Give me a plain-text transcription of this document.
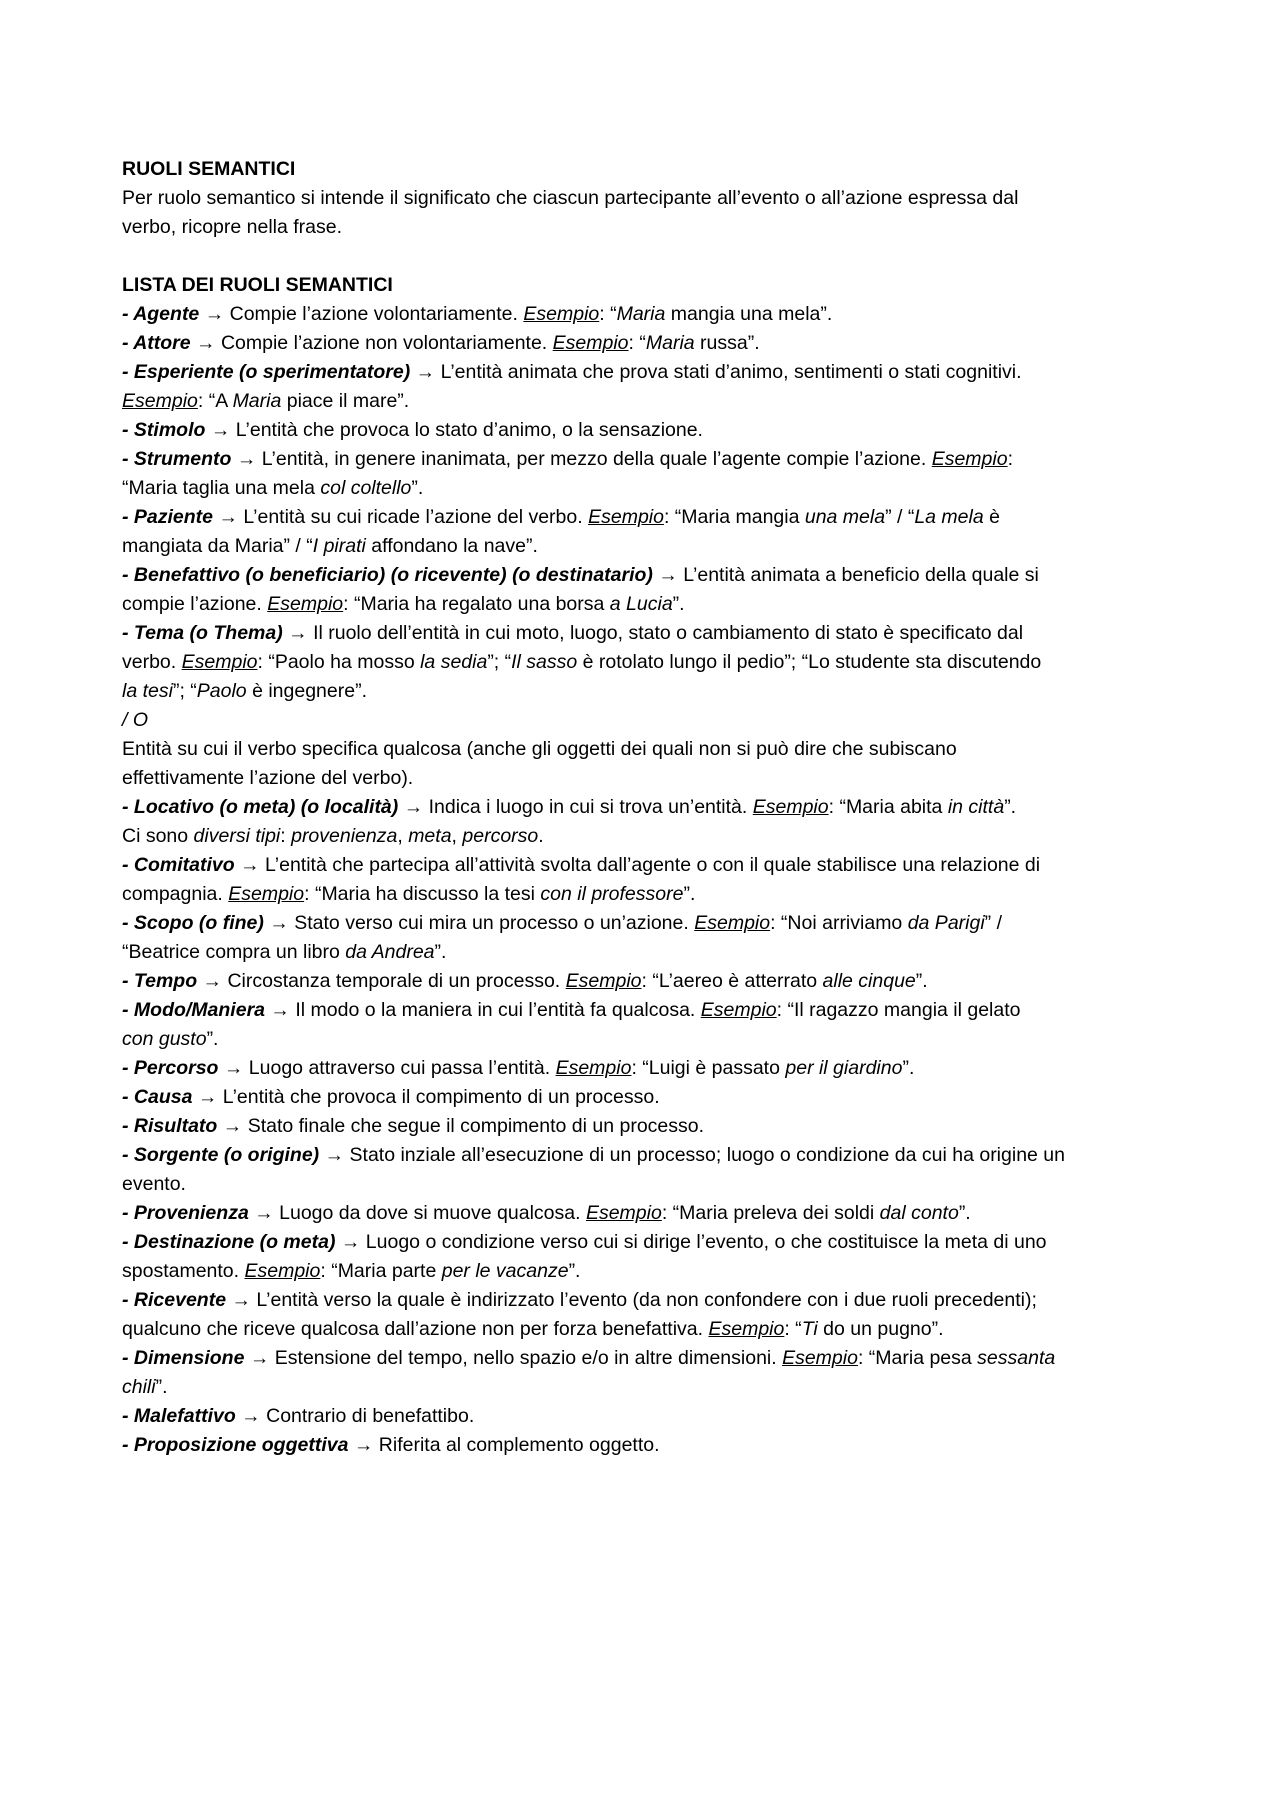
RUOLI SEMANTICI
Per ruolo semantico si intende il significato che ciascun partecipante all’evento o all’azione espressa dal
verbo, ricopre nella frase.
LISTA DEI RUOLI SEMANTICI
- Agente → Compie l’azione volontariamente. Esempio: “Maria mangia una mela”.
- Attore → Compie l’azione non volontariamente. Esempio: “Maria russa”.
- Esperiente (o sperimentatore) → L’entità animata che prova stati d’animo, sentimenti o stati cognitivi.
Esempio: “A Maria piace il mare”.
- Stimolo → L’entità che provoca lo stato d’animo, o la sensazione.
- Strumento → L’entità, in genere inanimata, per mezzo della quale l’agente compie l’azione. Esempio:
“Maria taglia una mela col coltello”.
- Paziente → L’entità su cui ricade l’azione del verbo. Esempio: “Maria mangia una mela” / “La mela è
mangiata da Maria” / “I pirati affondano la nave”.
- Benefattivo (o beneficiario) (o ricevente) (o destinatario) → L’entità animata a beneficio della quale si
compie l’azione. Esempio: “Maria ha regalato una borsa a Lucia”.
- Tema (o Thema) → Il ruolo dell’entità in cui moto, luogo, stato o cambiamento di stato è specificato dal
verbo. Esempio: “Paolo ha mosso la sedia”; “Il sasso è rotolato lungo il pedio”; “Lo studente sta discutendo
la tesi”; “Paolo è ingegnere”.
/ O
Entità su cui il verbo specifica qualcosa (anche gli oggetti dei quali non si può dire che subiscano
effettivamente l’azione del verbo).
- Locativo (o meta) (o località) → Indica i luogo in cui si trova un’entità. Esempio: “Maria abita in città”.
Ci sono diversi tipi: provenienza, meta, percorso.
- Comitativo → L’entità che partecipa all’attività svolta dall’agente o con il quale stabilisce una relazione di
compagnia. Esempio: “Maria ha discusso la tesi con il professore”.
- Scopo (o fine) → Stato verso cui mira un processo o un’azione. Esempio: “Noi arriviamo da Parigi” /
“Beatrice compra un libro da Andrea”.
- Tempo → Circostanza temporale di un processo. Esempio: “L’aereo è atterrato alle cinque”.
- Modo/Maniera → Il modo o la maniera in cui l’entità fa qualcosa. Esempio: “Il ragazzo mangia il gelato
con gusto”.
- Percorso → Luogo attraverso cui passa l’entità. Esempio: “Luigi è passato per il giardino”.
- Causa → L’entità che provoca il compimento di un processo.
- Risultato → Stato finale che segue il compimento di un processo.
- Sorgente (o origine) → Stato inziale all’esecuzione di un processo; luogo o condizione da cui ha origine un
evento.
- Provenienza → Luogo da dove si muove qualcosa. Esempio: “Maria preleva dei soldi dal conto”.
- Destinazione (o meta) → Luogo o condizione verso cui si dirige l’evento, o che costituisce la meta di uno
spostamento. Esempio: “Maria parte per le vacanze”.
- Ricevente → L’entità verso la quale è indirizzato l’evento (da non confondere con i due ruoli precedenti);
qualcuno che riceve qualcosa dall’azione non per forza benefattiva. Esempio: “Ti do un pugno”.
- Dimensione → Estensione del tempo, nello spazio e/o in altre dimensioni. Esempio: “Maria pesa sessanta
chili”.
- Malefattivo → Contrario di benefattibo.
- Proposizione oggettiva → Riferita al complemento oggetto.
